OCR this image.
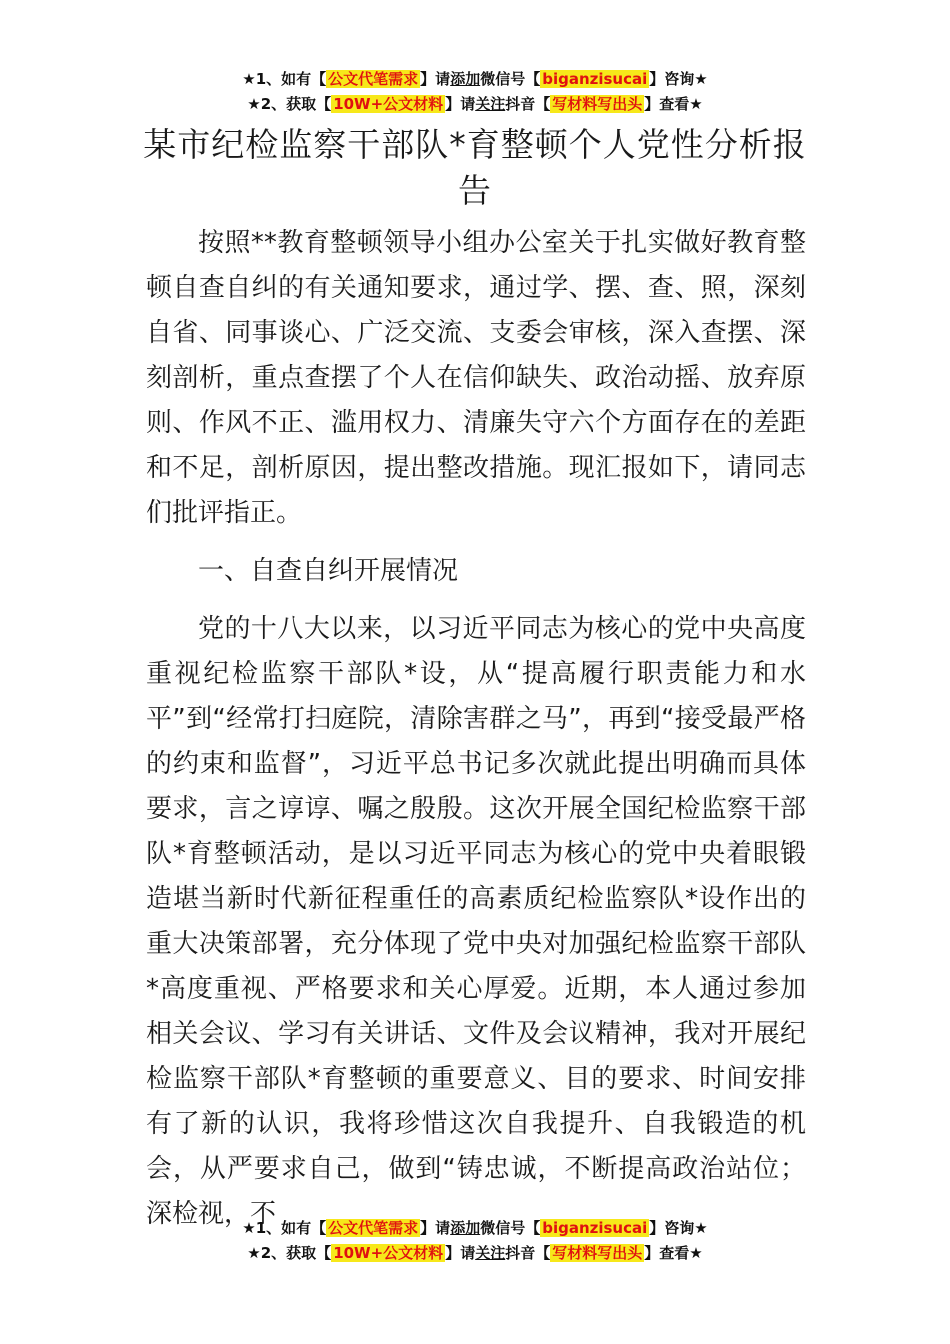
★1、如有【 公文代笔需求 】请添加微信号【 biganzisucai 】咨询★
★2、获取【 10W+公文材料 】请关注抖音【 写材料写出头 】查看★
某市纪检监察干部队*育整顿个人党性分析报告

按照**教育整顿领导小组办公室关于扎实做好教育整顿自查自纠的有关通知要求，通过学、摆、查、照，深刻自省、同事谈心、广泛交流、支委会审核，深入查摆、深刻剖析，重点查摆了个人在信仰缺失、政治动摇、放弃原则、作风不正、滥用权力、清廉失守六个方面存在的差距和不足，剖析原因，提出整改措施。现汇报如下，请同志们批评指正。

一、自查自纠开展情况

党的十八大以来，以习近平同志为核心的党中央高度重视纪检监察干部队*设，从“提高履行职责能力和水平”到“经常打扫庭院，清除害群之马”，再到“接受最严格的约束和监督”，习近平总书记多次就此提出明确而具体要求，言之谆谆、嘱之殷殷。这次开展全国纪检监察干部队*育整顿活动，是以习近平同志为核心的党中央着眼锻造堪当新时代新征程重任的高素质纪检监察队*设作出的重大决策部署，充分体现了党中央对加强纪检监察干部队*高度重视、严格要求和关心厚爱。近期，本人通过参加相关会议、学习有关讲话、文件及会议精神，我对开展纪检监察干部队*育整顿的重要意义、目的要求、时间安排有了新的认识，我将珍惜这次自我提升、自我锻造的机会，从严要求自己，做到“铸忠诚，不断提高政治站位；深检视，不

★1、如有【 公文代笔需求 】请添加微信号【 biganzisucai 】咨询★
★2、获取【 10W+公文材料 】请关注抖音【 写材料写出头 】查看★
